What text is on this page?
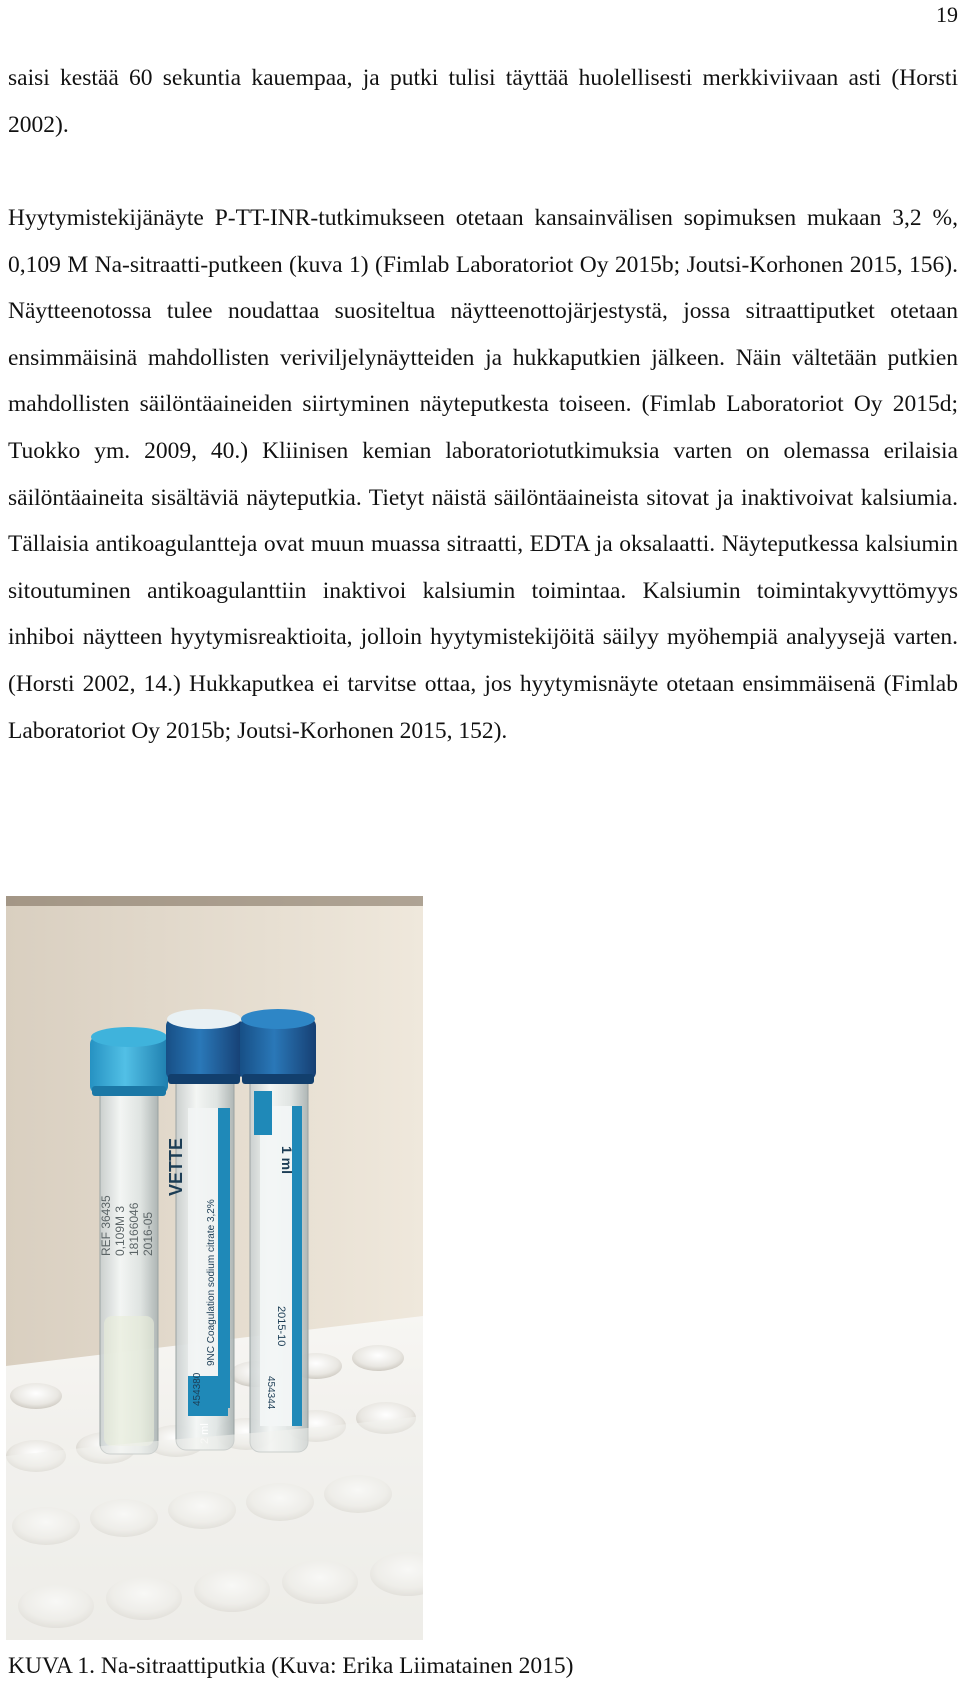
19

saisi kestää 60 sekuntia kauempaa, ja putki tulisi täyttää huolellisesti merkkiviivaan asti (Horsti 2002).

Hyytymistekijänäyte P-TT-INR-tutkimukseen otetaan kansainvälisen sopimuksen mukaan 3,2 %, 0,109 M Na-sitraatti-putkeen (kuva 1) (Fimlab Laboratoriot Oy 2015b; Joutsi-Korhonen 2015, 156). Näytteenotossa tulee noudattaa suositeltua näytteenottojärjestystä, jossa sitraattiputket otetaan ensimmäisinä mahdollisten veriviljelynäytteiden ja hukkaputkien jälkeen. Näin vältetään putkien mahdollisten säilöntäaineiden siirtyminen näyteputkesta toiseen. (Fimlab Laboratoriot Oy 2015d; Tuokko ym. 2009, 40.) Kliinisen kemian laboratoriotutkimuksia varten on olemassa erilaisia säilöntäaineita sisältäviä näyteputkia. Tietyt näistä säilöntäaineista sitovat ja inaktivoivat kalsiumia. Tällaisia antikoagulantteja ovat muun muassa sitraatti, EDTA ja oksalaatti. Näyteputkessa kalsiumin sitoutuminen antikoagulanttiin inaktivoi kalsiumin toimintaa. Kalsiumin toimintakyvyttömyys inhiboi näytteen hyytymisreaktioita, jolloin hyytymistekijöitä säilyy myöhempiä analyysejä varten. (Horsti 2002, 14.) Hukkaputkea ei tarvitse ottaa, jos hyytymisnäyte otetaan ensimmäisenä (Fimlab Laboratoriot Oy 2015b; Joutsi-Korhonen 2015, 152).

REF 36435 0,109M 3 18166046 2016-05
VETTE
9NC Coagulation sodium citrate 3,2%
454380
2 ml
1 ml
2015-10
454344

KUVA 1. Na-sitraattiputkia (Kuva: Erika Liimatainen 2015)
